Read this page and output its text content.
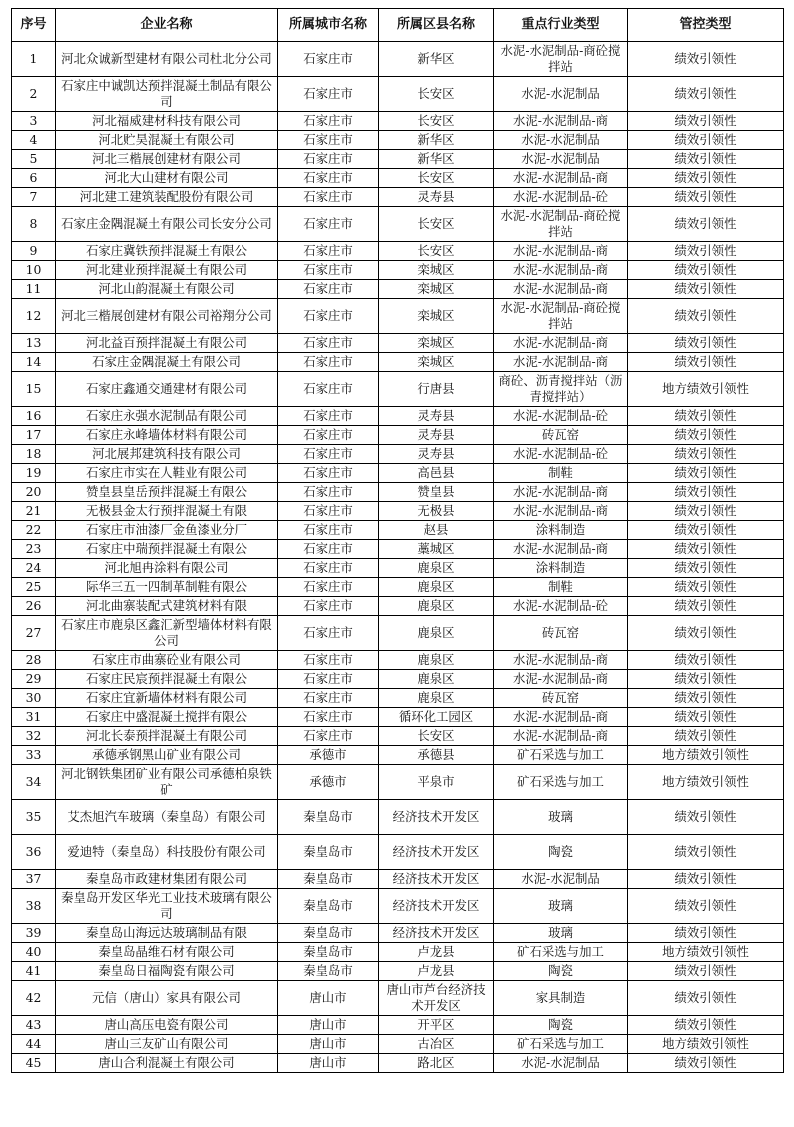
序号	企业名称	所属城市名称	所属区县名称	重点行业类型	管控类型
1	河北众诚新型建材有限公司杜北分公司	石家庄市	新华区	水泥-水泥制品-商砼搅拌站	绩效引领性
2	石家庄中诚凯达预拌混凝土制品有限公司	石家庄市	长安区	水泥-水泥制品	绩效引领性
3	河北福威建材科技有限公司	石家庄市	长安区	水泥-水泥制品-商	绩效引领性
4	河北贮昊混凝土有限公司	石家庄市	新华区	水泥-水泥制品	绩效引领性
5	河北三楷展创建材有限公司	石家庄市	新华区	水泥-水泥制品	绩效引领性
6	河北大山建材有限公司	石家庄市	长安区	水泥-水泥制品-商	绩效引领性
7	河北建工建筑装配股份有限公司	石家庄市	灵寿县	水泥-水泥制品-砼	绩效引领性
8	石家庄金隅混凝土有限公司长安分公司	石家庄市	长安区	水泥-水泥制品-商砼搅拌站	绩效引领性
9	石家庄冀铁预拌混凝土有限公	石家庄市	长安区	水泥-水泥制品-商	绩效引领性
10	河北建业预拌混凝土有限公司	石家庄市	栾城区	水泥-水泥制品-商	绩效引领性
11	河北山韵混凝土有限公司	石家庄市	栾城区	水泥-水泥制品-商	绩效引领性
12	河北三楷展创建材有限公司裕翔分公司	石家庄市	栾城区	水泥-水泥制品-商砼搅拌站	绩效引领性
13	河北益百预拌混凝土有限公司	石家庄市	栾城区	水泥-水泥制品-商	绩效引领性
14	石家庄金隅混凝土有限公司	石家庄市	栾城区	水泥-水泥制品-商	绩效引领性
15	石家庄鑫通交通建材有限公司	石家庄市	行唐县	商砼、沥青搅拌站（沥青搅拌站）	地方绩效引领性
16	石家庄永强水泥制品有限公司	石家庄市	灵寿县	水泥-水泥制品-砼	绩效引领性
17	石家庄永峰墙体材料有限公司	石家庄市	灵寿县	砖瓦窑	绩效引领性
18	河北展邦建筑科技有限公司	石家庄市	灵寿县	水泥-水泥制品-砼	绩效引领性
19	石家庄市实在人鞋业有限公司	石家庄市	高邑县	制鞋	绩效引领性
20	赞皇县皇岳预拌混凝土有限公	石家庄市	赞皇县	水泥-水泥制品-商	绩效引领性
21	无极县金太行预拌混凝土有限	石家庄市	无极县	水泥-水泥制品-商	绩效引领性
22	石家庄市油漆厂金鱼漆业分厂	石家庄市	赵县	涂料制造	绩效引领性
23	石家庄中瑞预拌混凝土有限公	石家庄市	藁城区	水泥-水泥制品-商	绩效引领性
24	河北旭冉涂料有限公司	石家庄市	鹿泉区	涂料制造	绩效引领性
25	际华三五一四制革制鞋有限公	石家庄市	鹿泉区	制鞋	绩效引领性
26	河北曲寨装配式建筑材料有限	石家庄市	鹿泉区	水泥-水泥制品-砼	绩效引领性
27	石家庄市鹿泉区鑫汇新型墙体材料有限公司	石家庄市	鹿泉区	砖瓦窑	绩效引领性
28	石家庄市曲寨砼业有限公司	石家庄市	鹿泉区	水泥-水泥制品-商	绩效引领性
29	石家庄民宸预拌混凝土有限公	石家庄市	鹿泉区	水泥-水泥制品-商	绩效引领性
30	石家庄宜新墙体材料有限公司	石家庄市	鹿泉区	砖瓦窑	绩效引领性
31	石家庄中盛混凝土搅拌有限公	石家庄市	循环化工园区	水泥-水泥制品-商	绩效引领性
32	河北长泰预拌混凝土有限公司	石家庄市	长安区	水泥-水泥制品-商	绩效引领性
33	承德承钢黑山矿业有限公司	承德市	承德县	矿石采选与加工	地方绩效引领性
34	河北钢铁集团矿业有限公司承德柏泉铁矿	承德市	平泉市	矿石采选与加工	地方绩效引领性
35	艾杰旭汽车玻璃（秦皇岛）有限公司	秦皇岛市	经济技术开发区	玻璃	绩效引领性
36	爱迪特（秦皇岛）科技股份有限公司	秦皇岛市	经济技术开发区	陶瓷	绩效引领性
37	秦皇岛市政建材集团有限公司	秦皇岛市	经济技术开发区	水泥-水泥制品	绩效引领性
38	秦皇岛开发区华光工业技术玻璃有限公司	秦皇岛市	经济技术开发区	玻璃	绩效引领性
39	秦皇岛山海远达玻璃制品有限	秦皇岛市	经济技术开发区	玻璃	绩效引领性
40	秦皇岛晶维石材有限公司	秦皇岛市	卢龙县	矿石采选与加工	地方绩效引领性
41	秦皇岛日福陶瓷有限公司	秦皇岛市	卢龙县	陶瓷	绩效引领性
42	元信（唐山）家具有限公司	唐山市	唐山市芦台经济技术开发区	家具制造	绩效引领性
43	唐山高压电瓷有限公司	唐山市	开平区	陶瓷	绩效引领性
44	唐山三友矿山有限公司	唐山市	古冶区	矿石采选与加工	地方绩效引领性
45	唐山合利混凝土有限公司	唐山市	路北区	水泥-水泥制品	绩效引领性
